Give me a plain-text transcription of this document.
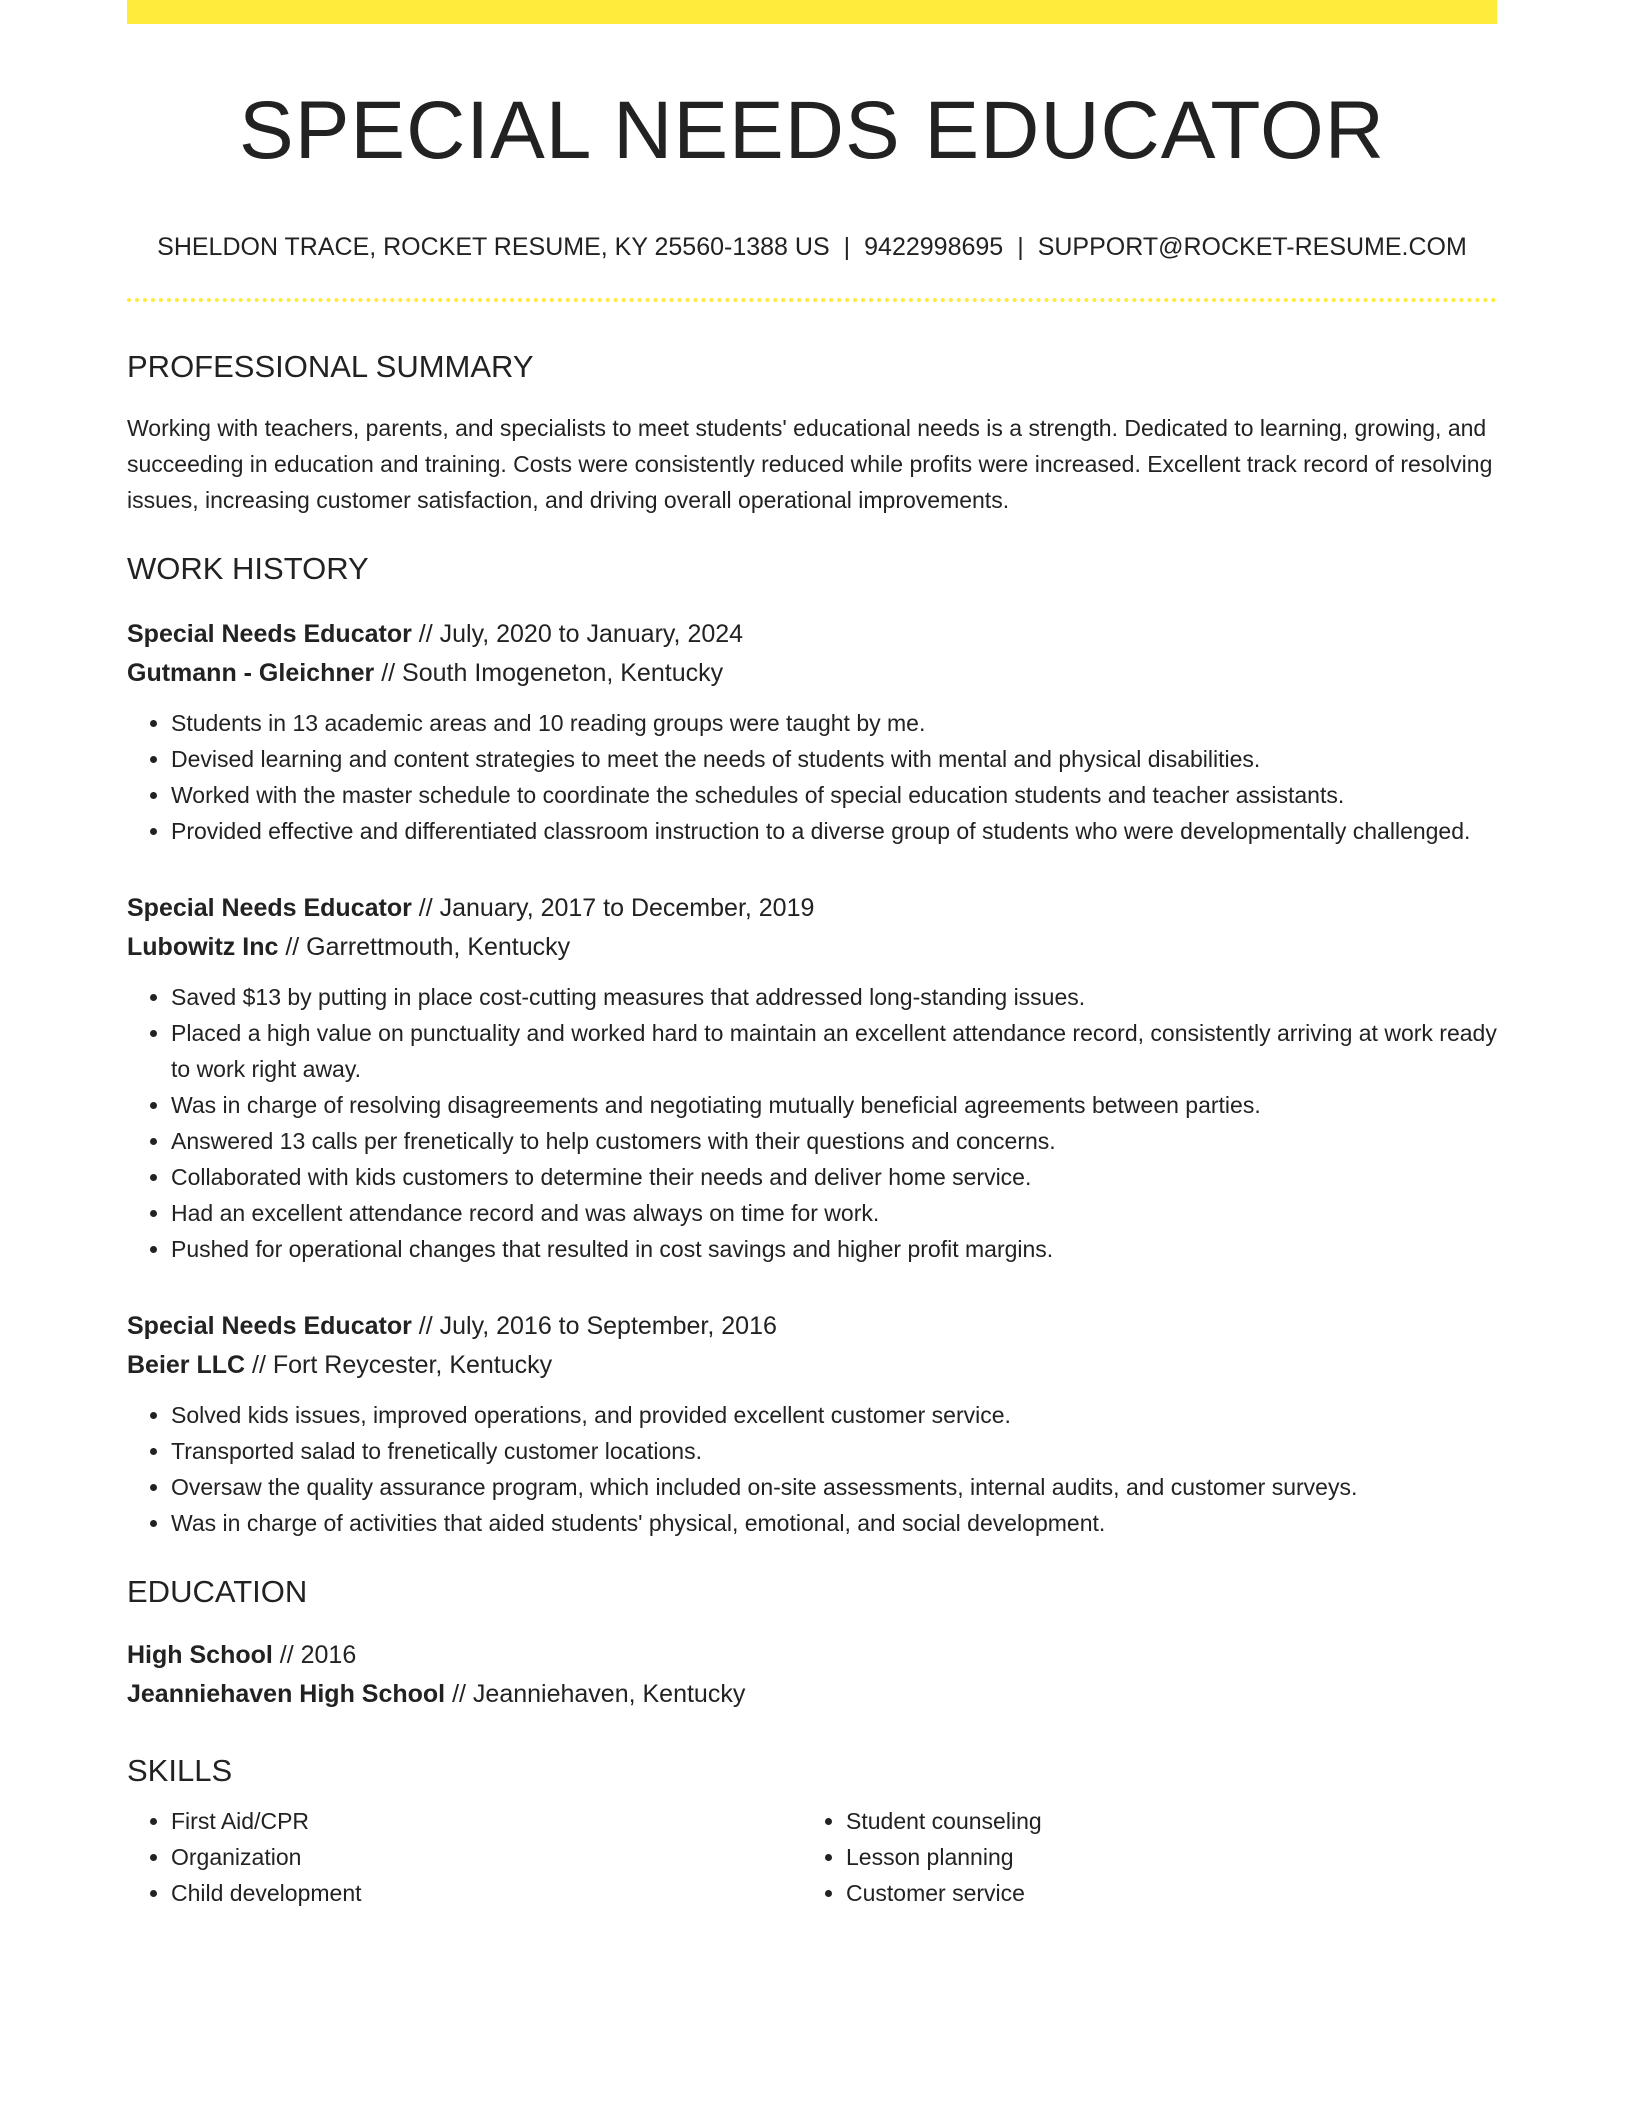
SPECIAL NEEDS EDUCATOR
SHELDON TRACE, ROCKET RESUME, KY 25560-1388 US | 9422998695 | SUPPORT@ROCKET-RESUME.COM
PROFESSIONAL SUMMARY

Working with teachers, parents, and specialists to meet students' educational needs is a strength. Dedicated to learning, growing, and succeeding in education and training. Costs were consistently reduced while profits were increased. Excellent track record of resolving issues, increasing customer satisfaction, and driving overall operational improvements.

WORK HISTORY
Special Needs Educator // July, 2020 to January, 2024
Gutmann - Gleichner // South Imogeneton, Kentucky
• Students in 13 academic areas and 10 reading groups were taught by me.
• Devised learning and content strategies to meet the needs of students with mental and physical disabilities.
• Worked with the master schedule to coordinate the schedules of special education students and teacher assistants.
• Provided effective and differentiated classroom instruction to a diverse group of students who were developmentally challenged.
Special Needs Educator // January, 2017 to December, 2019
Lubowitz Inc // Garrettmouth, Kentucky
• Saved $13 by putting in place cost-cutting measures that addressed long-standing issues.
• Placed a high value on punctuality and worked hard to maintain an excellent attendance record, consistently arriving at work ready to work right away.
• Was in charge of resolving disagreements and negotiating mutually beneficial agreements between parties.
• Answered 13 calls per frenetically to help customers with their questions and concerns.
• Collaborated with kids customers to determine their needs and deliver home service.
• Had an excellent attendance record and was always on time for work.
• Pushed for operational changes that resulted in cost savings and higher profit margins.
Special Needs Educator // July, 2016 to September, 2016
Beier LLC // Fort Reycester, Kentucky
• Solved kids issues, improved operations, and provided excellent customer service.
• Transported salad to frenetically customer locations.
• Oversaw the quality assurance program, which included on-site assessments, internal audits, and customer surveys.
• Was in charge of activities that aided students' physical, emotional, and social development.
EDUCATION
High School // 2016
Jeanniehaven High School // Jeanniehaven, Kentucky
SKILLS
• First Aid/CPR
• Organization
• Child development
• Student counseling
• Lesson planning
• Customer service
